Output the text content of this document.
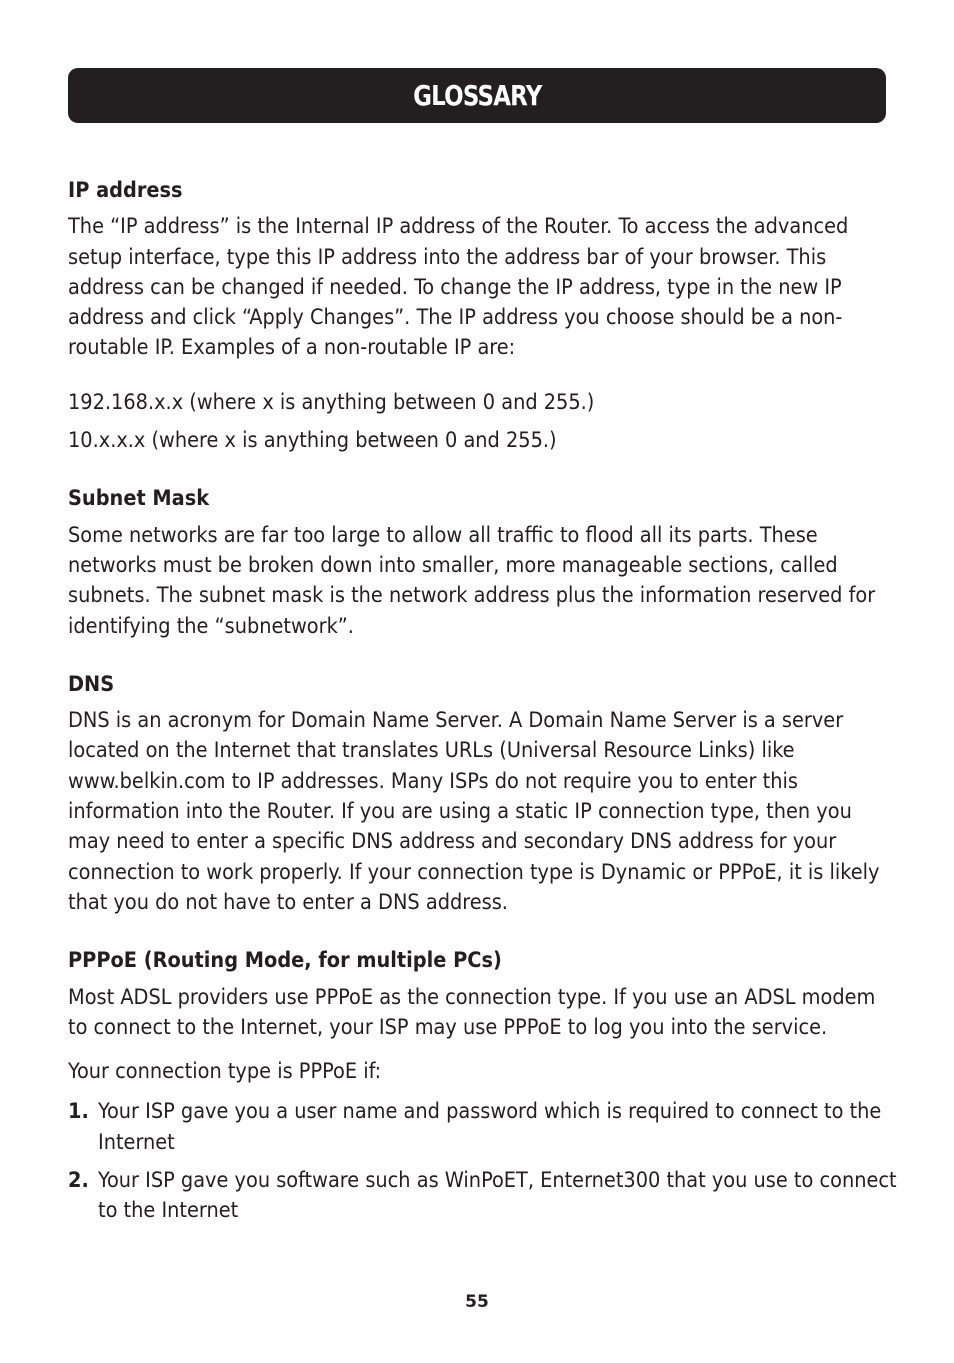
GLOSSARY

IP address

The “IP address” is the Internal IP address of the Router. To access the advanced setup interface, type this IP address into the address bar of your browser. This address can be changed if needed. To change the IP address, type in the new IP address and click “Apply Changes”. The IP address you choose should be a non-routable IP. Examples of a non-routable IP are:

192.168.x.x (where x is anything between 0 and 255.)

10.x.x.x (where x is anything between 0 and 255.)

Subnet Mask

Some networks are far too large to allow all traffic to flood all its parts. These networks must be broken down into smaller, more manageable sections, called subnets. The subnet mask is the network address plus the information reserved for identifying the “subnetwork”.

DNS

DNS is an acronym for Domain Name Server. A Domain Name Server is a server located on the Internet that translates URLs (Universal Resource Links) like www.belkin.com to IP addresses. Many ISPs do not require you to enter this information into the Router. If you are using a static IP connection type, then you may need to enter a specific DNS address and secondary DNS address for your connection to work properly. If your connection type is Dynamic or PPPoE, it is likely that you do not have to enter a DNS address.

PPPoE (Routing Mode, for multiple PCs)

Most ADSL providers use PPPoE as the connection type. If you use an ADSL modem to connect to the Internet, your ISP may use PPPoE to log you into the service.

Your connection type is PPPoE if:

1. Your ISP gave you a user name and password which is required to connect to the Internet
2. Your ISP gave you software such as WinPoET, Enternet300 that you use to connect to the Internet
55
